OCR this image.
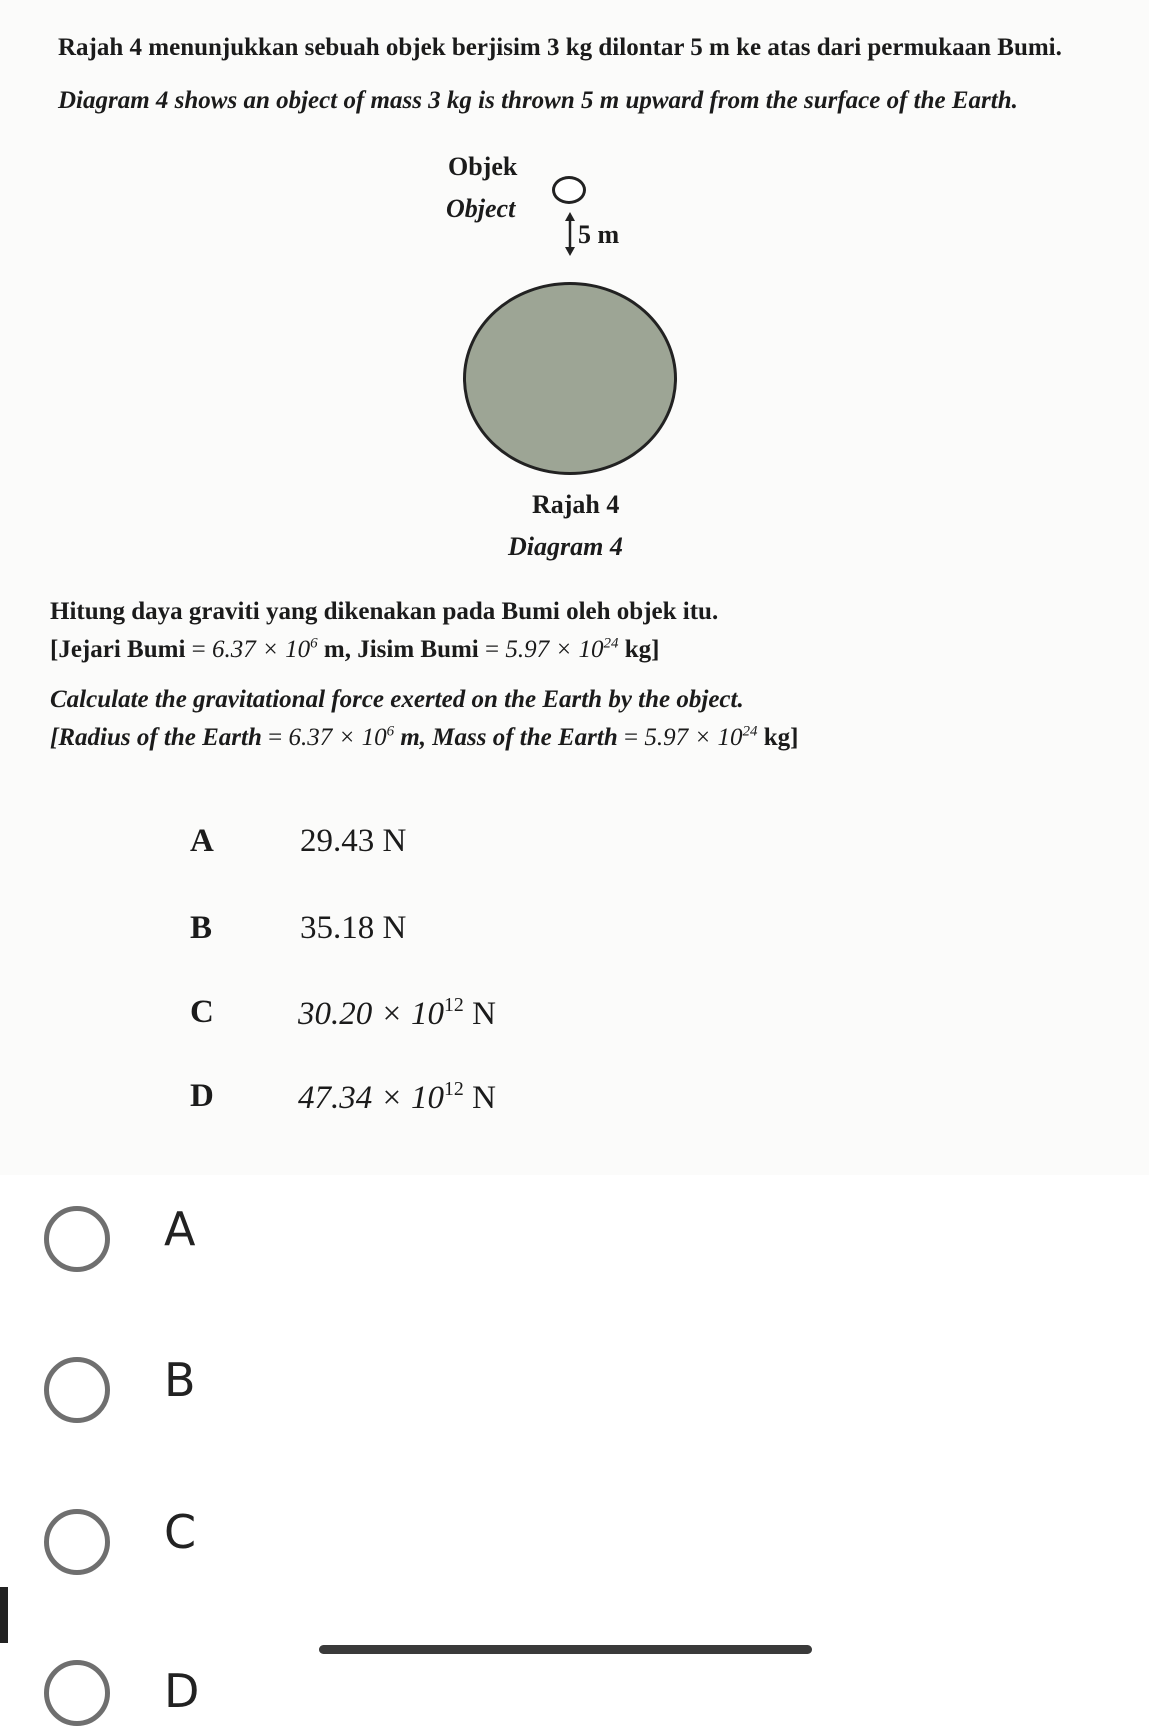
Rajah 4 menunjukkan sebuah objek berjisim 3 kg dilontar 5 m ke atas dari permukaan Bumi.
Diagram 4 shows an object of mass 3 kg is thrown 5 m upward from the surface of the Earth.
Objek
Object
5 m
Rajah 4
Diagram 4
Hitung daya graviti yang dikenakan pada Bumi oleh objek itu.
[Jejari Bumi = $6.37 \times 10^6$ m, Jisim Bumi = $5.97 \times 10^{24}$ kg]
Calculate the gravitational force exerted on the Earth by the object.
[Radius of the Earth = $6.37 \times 10^6$ m, Mass of the Earth = $5.97 \times 10^{24}$ kg]
A	29.43 N
B	35.18 N
C	$30.20 \times 10^{12}$ N
D	$47.34 \times 10^{12}$ N
A
B
C
D
